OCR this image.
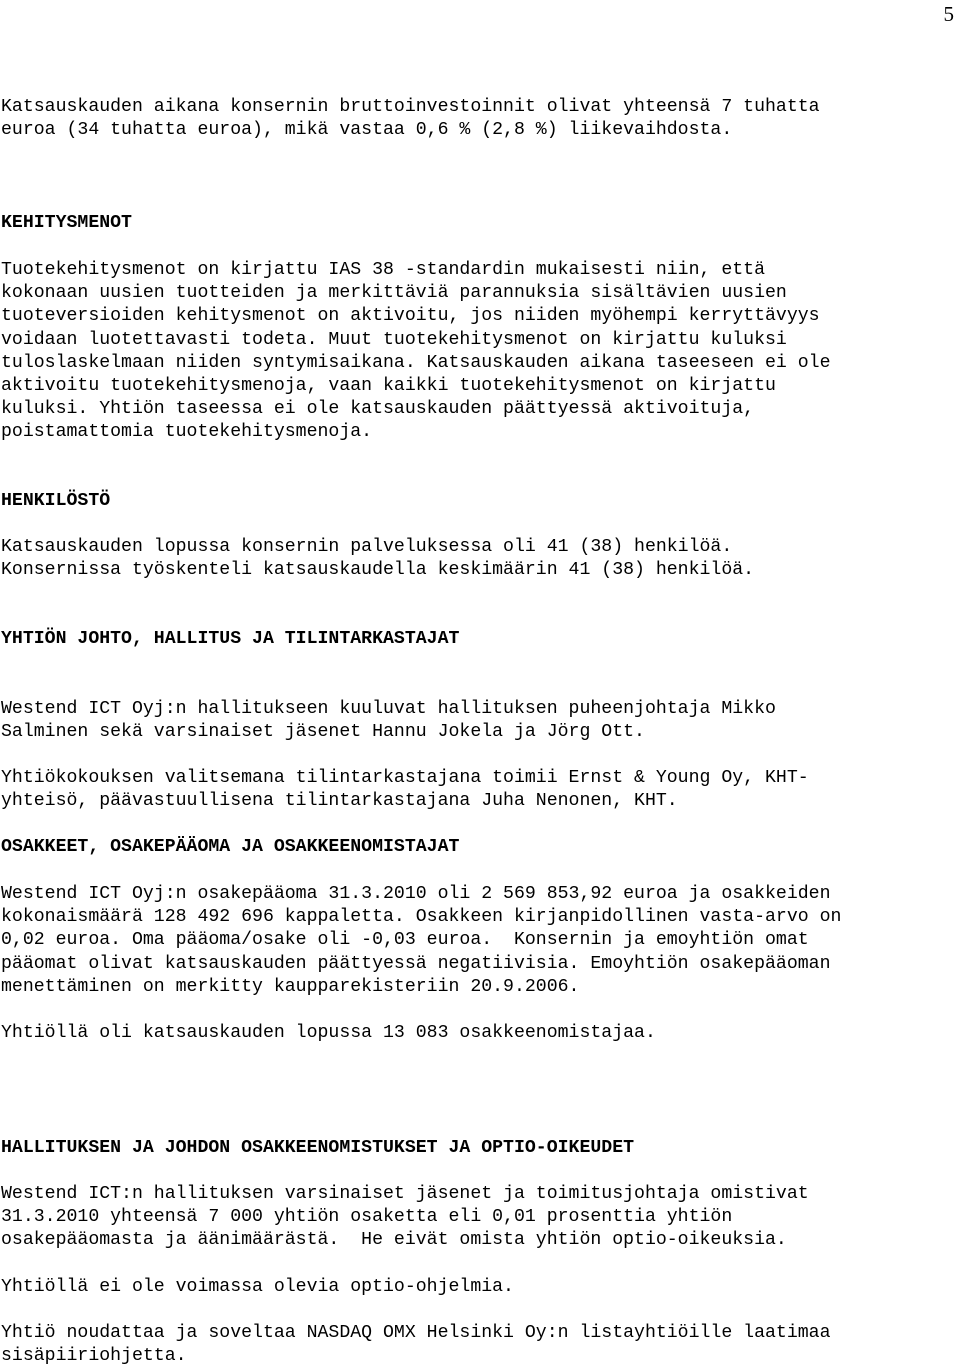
5
Katsauskauden aikana konsernin bruttoinvestoinnit olivat yhteensä 7 tuhatta
euroa (34 tuhatta euroa), mikä vastaa 0,6 % (2,8 %) liikevaihdosta.
KEHITYSMENOT
Tuotekehitysmenot on kirjattu IAS 38 -standardin mukaisesti niin, että
kokonaan uusien tuotteiden ja merkittäviä parannuksia sisältävien uusien
tuoteversioiden kehitysmenot on aktivoitu, jos niiden myöhempi kerryttävyys
voidaan luotettavasti todeta. Muut tuotekehitysmenot on kirjattu kuluksi
tuloslaskelmaan niiden syntymisaikana. Katsauskauden aikana taseeseen ei ole
aktivoitu tuotekehitysmenoja, vaan kaikki tuotekehitysmenot on kirjattu
kuluksi. Yhtiön taseessa ei ole katsauskauden päättyessä aktivoituja,
poistamattomia tuotekehitysmenoja.
HENKILÖSTÖ
Katsauskauden lopussa konsernin palveluksessa oli 41 (38) henkilöä.
Konsernissa työskenteli katsauskaudella keskimäärin 41 (38) henkilöä.
YHTIÖN JOHTO, HALLITUS JA TILINTARKASTAJAT
Westend ICT Oyj:n hallitukseen kuuluvat hallituksen puheenjohtaja Mikko
Salminen sekä varsinaiset jäsenet Hannu Jokela ja Jörg Ott.
Yhtiökokouksen valitsemana tilintarkastajana toimii Ernst & Young Oy, KHT-
yhteisö, päävastuullisena tilintarkastajana Juha Nenonen, KHT.
OSAKKEET, OSAKEPÄÄOMA JA OSAKKEENOMISTAJAT
Westend ICT Oyj:n osakepääoma 31.3.2010 oli 2 569 853,92 euroa ja osakkeiden
kokonaismäärä 128 492 696 kappaletta. Osakkeen kirjanpidollinen vasta-arvo on
0,02 euroa. Oma pääoma/osake oli -0,03 euroa.  Konsernin ja emoyhtiön omat
pääomat olivat katsauskauden päättyessä negatiivisia. Emoyhtiön osakepääoman
menettäminen on merkitty kaupparekisteriin 20.9.2006.
Yhtiöllä oli katsauskauden lopussa 13 083 osakkeenomistajaa.
HALLITUKSEN JA JOHDON OSAKKEENOMISTUKSET JA OPTIO-OIKEUDET
Westend ICT:n hallituksen varsinaiset jäsenet ja toimitusjohtaja omistivat
31.3.2010 yhteensä 7 000 yhtiön osaketta eli 0,01 prosenttia yhtiön
osakepääomasta ja äänimäärästä.  He eivät omista yhtiön optio-oikeuksia.
Yhtiöllä ei ole voimassa olevia optio-ohjelmia.
Yhtiö noudattaa ja soveltaa NASDAQ OMX Helsinki Oy:n listayhtiöille laatimaa
sisäpiiriohjetta.
